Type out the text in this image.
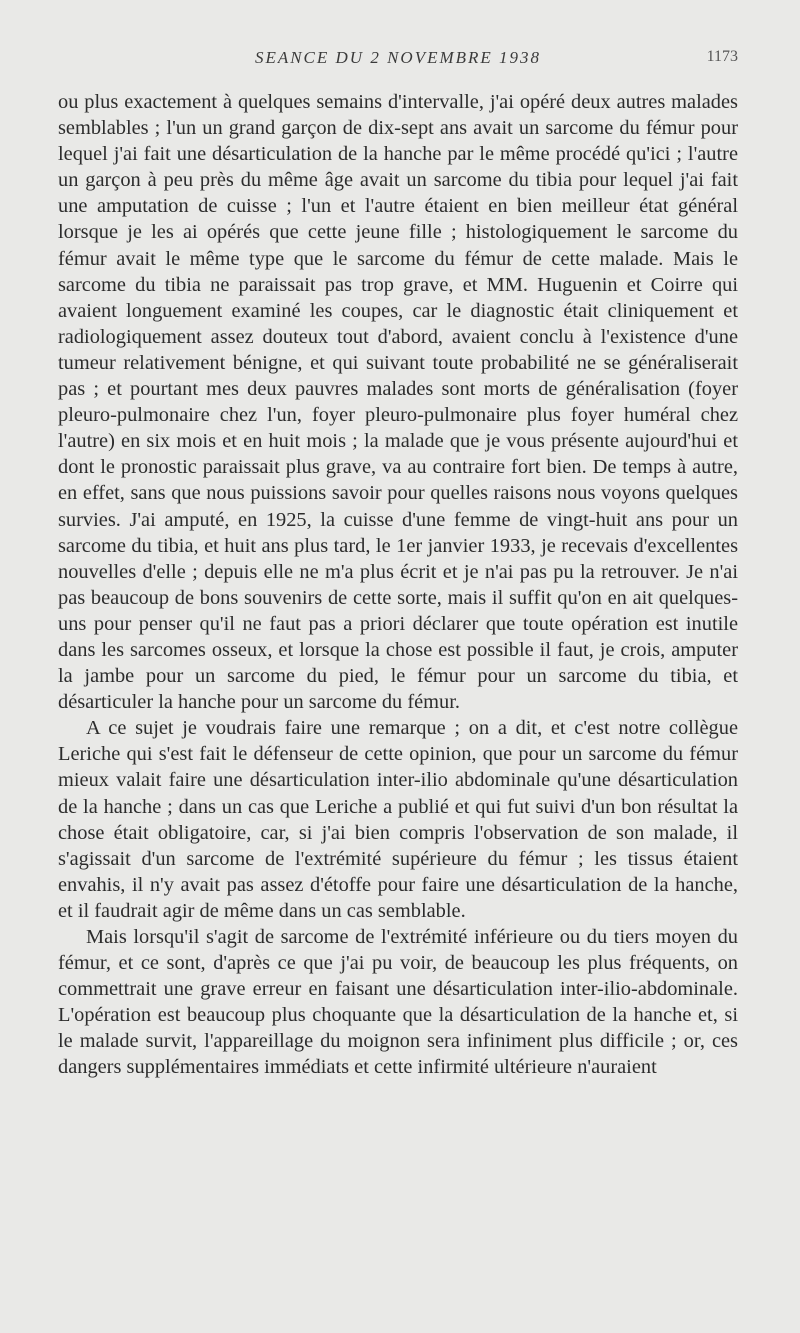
SEANCE DU 2 NOVEMBRE 1938	1173

ou plus exactement à quelques semains d'intervalle, j'ai opéré deux autres malades semblables ; l'un un grand garçon de dix-sept ans avait un sarcome du fémur pour lequel j'ai fait une désarticulation de la hanche par le même procédé qu'ici ; l'autre un garçon à peu près du même âge avait un sarcome du tibia pour lequel j'ai fait une amputation de cuisse ; l'un et l'autre étaient en bien meilleur état général lorsque je les ai opérés que cette jeune fille ; histologiquement le sarcome du fémur avait le même type que le sarcome du fémur de cette malade. Mais le sarcome du tibia ne paraissait pas trop grave, et MM. Huguenin et Coirre qui avaient longuement examiné les coupes, car le diagnostic était cliniquement et radiologiquement assez douteux tout d'abord, avaient conclu à l'existence d'une tumeur relativement bénigne, et qui suivant toute probabilité ne se généraliserait pas ; et pourtant mes deux pauvres malades sont morts de généralisation (foyer pleuro-pulmonaire chez l'un, foyer pleuro-pulmonaire plus foyer huméral chez l'autre) en six mois et en huit mois ; la malade que je vous présente aujourd'hui et dont le pronostic paraissait plus grave, va au contraire fort bien. De temps à autre, en effet, sans que nous puissions savoir pour quelles raisons nous voyons quelques survies. J'ai amputé, en 1925, la cuisse d'une femme de vingt-huit ans pour un sarcome du tibia, et huit ans plus tard, le 1er janvier 1933, je recevais d'excellentes nouvelles d'elle ; depuis elle ne m'a plus écrit et je n'ai pas pu la retrouver. Je n'ai pas beaucoup de bons souvenirs de cette sorte, mais il suffit qu'on en ait quelques-uns pour penser qu'il ne faut pas a priori déclarer que toute opération est inutile dans les sarcomes osseux, et lorsque la chose est possible il faut, je crois, amputer la jambe pour un sarcome du pied, le fémur pour un sarcome du tibia, et désarticuler la hanche pour un sarcome du fémur.

A ce sujet je voudrais faire une remarque ; on a dit, et c'est notre collègue Leriche qui s'est fait le défenseur de cette opinion, que pour un sarcome du fémur mieux valait faire une désarticulation inter-ilio abdominale qu'une désarticulation de la hanche ; dans un cas que Leriche a publié et qui fut suivi d'un bon résultat la chose était obligatoire, car, si j'ai bien compris l'observation de son malade, il s'agissait d'un sarcome de l'extrémité supérieure du fémur ; les tissus étaient envahis, il n'y avait pas assez d'étoffe pour faire une désarticulation de la hanche, et il faudrait agir de même dans un cas semblable.

Mais lorsqu'il s'agit de sarcome de l'extrémité inférieure ou du tiers moyen du fémur, et ce sont, d'après ce que j'ai pu voir, de beaucoup les plus fréquents, on commettrait une grave erreur en faisant une désarticulation inter-ilio-abdominale. L'opération est beaucoup plus choquante que la désarticulation de la hanche et, si le malade survit, l'appareillage du moignon sera infiniment plus difficile ; or, ces dangers supplémentaires immédiats et cette infirmité ultérieure n'auraient
